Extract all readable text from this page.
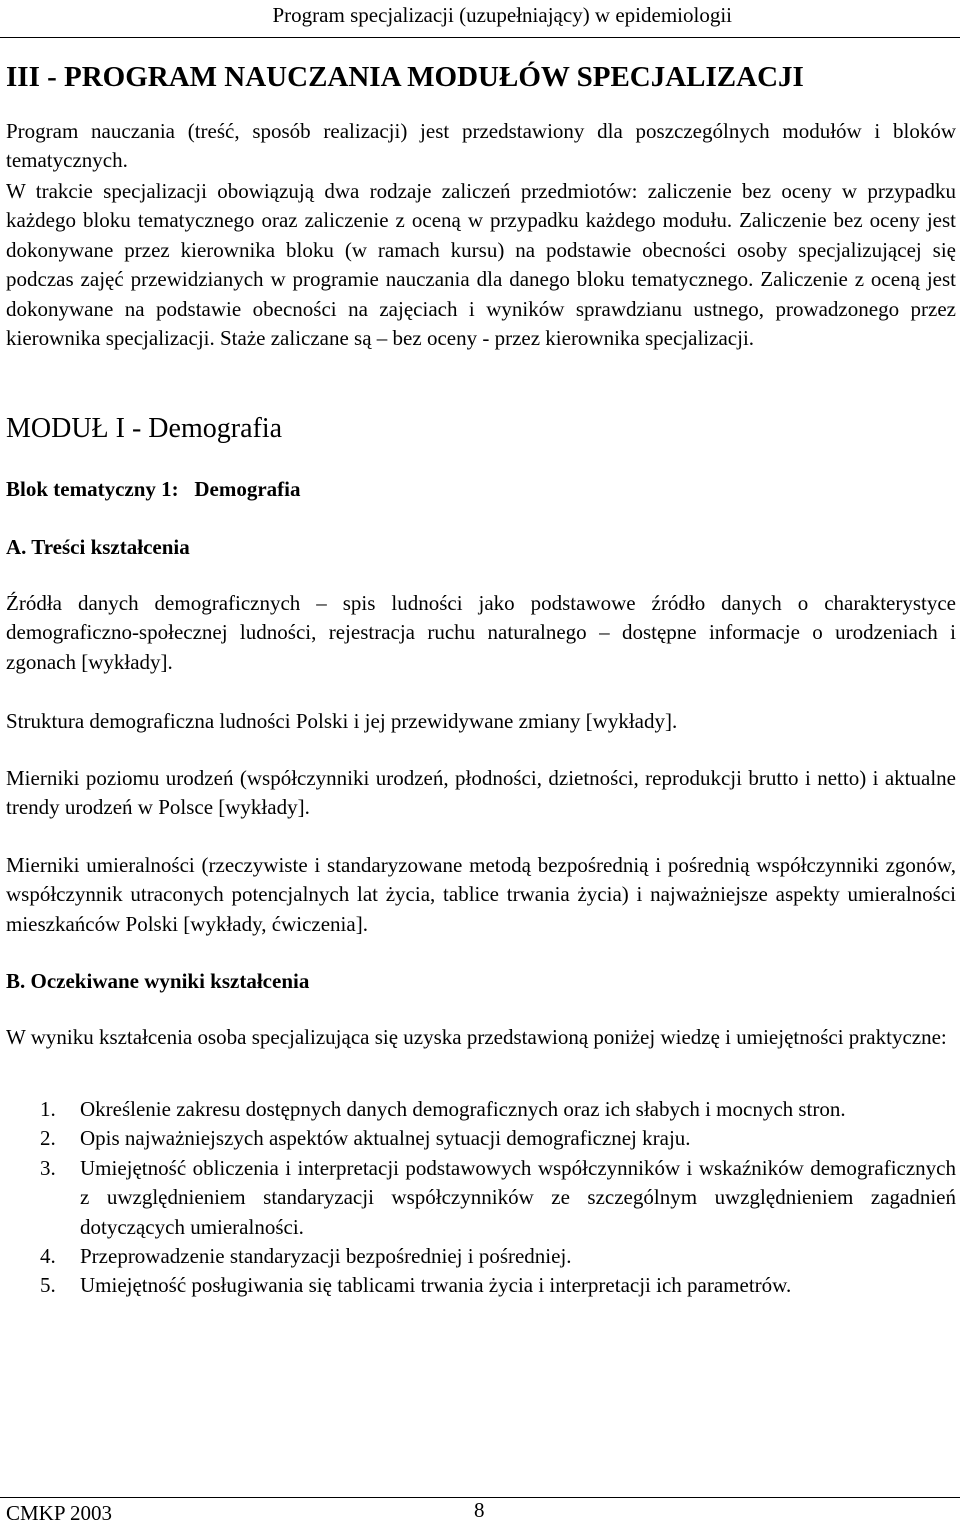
Program specjalizacji (uzupełniający) w epidemiologii
III - PROGRAM NAUCZANIA MODUŁÓW SPECJALIZACJI

Program nauczania (treść, sposób realizacji) jest przedstawiony dla poszczególnych modułów i bloków tematycznych.

W trakcie specjalizacji obowiązują dwa rodzaje zaliczeń przedmiotów: zaliczenie bez oceny w przypadku każdego bloku tematycznego oraz zaliczenie z oceną w przypadku każdego modułu. Zaliczenie bez oceny jest dokonywane przez kierownika bloku (w ramach kursu) na podstawie obecności osoby specjalizującej się podczas zajęć przewidzianych w programie nauczania dla danego bloku tematycznego. Zaliczenie z oceną jest dokonywane na podstawie obecności na zajęciach i wyników sprawdzianu ustnego, prowadzonego przez kierownika specjalizacji. Staże zaliczane są – bez oceny - przez kierownika specjalizacji.

MODUŁ I - Demografia
Blok tematyczny 1:   Demografia
A. Treści kształcenia

Źródła danych demograficznych – spis ludności jako podstawowe źródło danych o charakterystyce demograficzno-społecznej ludności, rejestracja ruchu naturalnego – dostępne informacje o urodzeniach i zgonach [wykłady].

Struktura demograficzna ludności Polski i jej przewidywane zmiany [wykłady].

Mierniki poziomu urodzeń (współczynniki urodzeń, płodności, dzietności, reprodukcji brutto i netto) i aktualne trendy urodzeń w Polsce [wykłady].

Mierniki umieralności (rzeczywiste i standaryzowane metodą bezpośrednią i pośrednią współczynniki zgonów, współczynnik utraconych potencjalnych lat życia, tablice trwania życia) i najważniejsze aspekty umieralności mieszkańców Polski [wykłady, ćwiczenia].

B. Oczekiwane wyniki kształcenia

W wyniku kształcenia osoba specjalizująca się uzyska przedstawioną poniżej wiedzę i umiejętności praktyczne:

1. Określenie zakresu dostępnych danych demograficznych oraz ich słabych i mocnych stron.
2. Opis najważniejszych aspektów aktualnej sytuacji demograficznej kraju.
3. Umiejętność obliczenia i interpretacji podstawowych współczynników i wskaźników demograficznych z uwzględnieniem standaryzacji współczynników ze szczególnym uwzględnieniem zagadnień dotyczących umieralności.
4. Przeprowadzenie standaryzacji bezpośredniej i pośredniej.
5. Umiejętność posługiwania się tablicami trwania życia i interpretacji ich parametrów.
CMKP 2003	8
